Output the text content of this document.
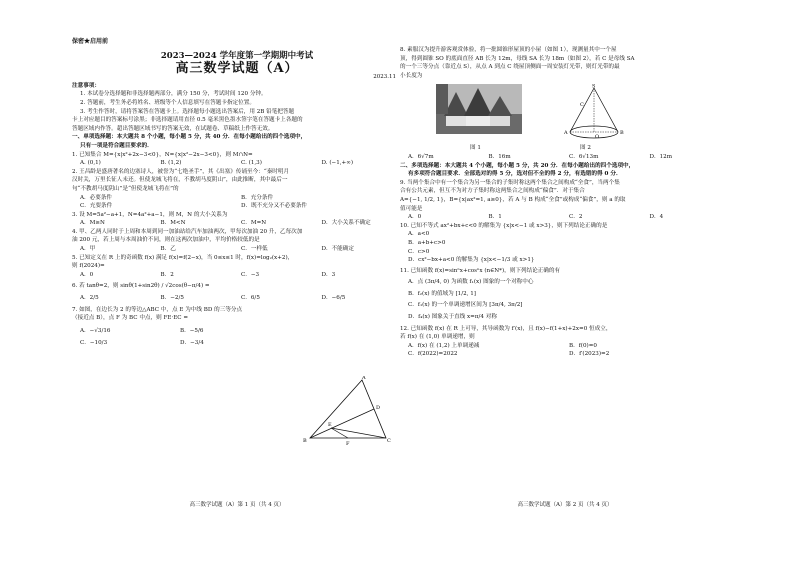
保密★启用前
2023—2024 学年度第一学期期中考试
高三数学试题（A）
2023.11
注意事项：
1. 本试卷分选择题和非选择题两部分，满分 150 分，考试时间 120 分钟。
2. 答题前，考生务必将姓名、班级等个人信息填写在答题卡指定位置。
3. 考生作答时，请将答案答在答题卡上。选择题每小题选出答案后，用 2B 铅笔把答题
卡上对应题目的答案标号涂黑；非选择题请用直径 0.5 毫米黑色墨水签字笔在答题卡上各题的
答题区域内作答。超出答题区域书写的答案无效，在试题卷、草稿纸上作答无效。
一、单项选择题：本大题共 8 个小题，每小题 5 分，共 40 分．在每小题给出的四个选项中，
只有一项是符合题目要求的．
1. 已知集合 M={x|x²+2x−3<0}，N={x|x²−2x−3<0}，则 M∩N=
A. (0,1)	B. (1,2)	C. (1,3)	D. (−1,+∞)
2. 王昌龄是盛唐著名的边塞诗人，被誉为“七绝圣手”，其《出塞》传诵至今：“秦时明月
汉时关，万里长征人未还。但使龙城飞将在，不教胡马度阴山”，由此推断，其中最后一
句“不教胡马度阴山”是“但使龙城飞将在”的
A．必要条件	B．充分条件
C．充要条件	D．既不充分又不必要条件
3. 设 M=5a²−a+1，N=4a²+a−1，则 M，N 的大小关系为
A．M≥N	B．M<N	C．M=N	D．大小关系不确定
4. 甲、乙两人同时于上周和本周到同一加油站给汽车加油两次，甲每次加油 20 升，乙每次加
油 200 元，若上周与本周油价不同，则在这两次加油中，平均价格较低的是
A．甲	B．乙	C．一样低	D．不能确定
5. 已知定义在 R 上的奇函数 f(x) 满足 f(x)=f(2−x)，当 0≤x≤1 时，f(x)=log₂(x+2)，
则 f(2024)=
A．0	B．2	C．−3	D．3
6. 若 tanθ=2，则 sinθ(1+sin2θ) / √2cos(θ−π/4) =
A．2/5	B．−2/5	C．6/5	D．−6/5
7. 如图，在边长为 2 的等边△ABC 中，点 E 为中线 BD 的三等分点
（接近点 B），点 F 为 BC 中点，则 FE·EC =
A．−√3/16	B．−5/6
C．−10/3	D．−3/4
A
B	C
D
E
F
高三数学试题（A）第 1 页（共 4 页）
8. 素服汉为提升游客观赏体验，将一批圆锥形屋顶的小屋（如图 1），现测量其中一个屋
顶，得到圆锥 SO 的底面直径 AB 长为 12m，母线 SA 长为 18m（如图 2），若 C 是母线 SA
的一个三等分点（靠近点 S），从点 A 到点 C 绕屋顶侧面一周安装灯光带，则灯光带的最
小长度为

S
C
A	B
O
图 1	图 2
A．6√7m	B．16m	C．6√13m	D．12m
二、多项选择题：本大题共 4 个小题，每小题 5 分，共 20 分．在每小题给出的四个选项中，
有多项符合题目要求．全部选对的得 5 分，选对但不全的得 2 分，有选错的得 0 分．
9. 当两个集合中有一个集合为另一集合的子集时称这两个集合之间构成“全食”，当两个集
合有公共元素，但互不为对方子集时称这两集合之间构成“偏食”．对于集合
A={−1, 1/2, 1}，B={x|ax²=1, a≥0}，若 A 与 B 构成“全食”或构成“偏食”，则 a 的取
值可能是
A．0	B．1	C．2	D．4
10. 已知不等式 ax²+bx+c<0 的解集为 {x|x<−1 或 x>3}，则下列结论正确的是
A．a<0
B．a+b+c>0
C．c>0
D．cx²−bx+a<0 的解集为 {x|x<−1/3 或 x>1}
11. 已知函数 f(x)=sinⁿx+cosⁿx (n∈N*)，则下列结论正确的有
A．点 (3π/4, 0) 为函数 f₁(x) 图象的一个对称中心
B．f₂(x) 的值域为 [1/2, 1]
C．f₁(x) 的一个单调递增区间为 [3π/4, 3π/2]
D．f₄(x) 图象关于直线 x=π/4 对称
12. 已知函数 f(x) 在 R 上可导，其导函数为 f′(x)，且 f(x)−f(1+x)+2x=0 恒成立，
若 f(x) 在 (1,0) 单调递增，则
A．f(x) 在 (1,2) 上单调递减	B．f(0)=0
C．f(2022)=2022	D．f′(2023)=2
高三数学试题（A）第 2 页（共 4 页）
